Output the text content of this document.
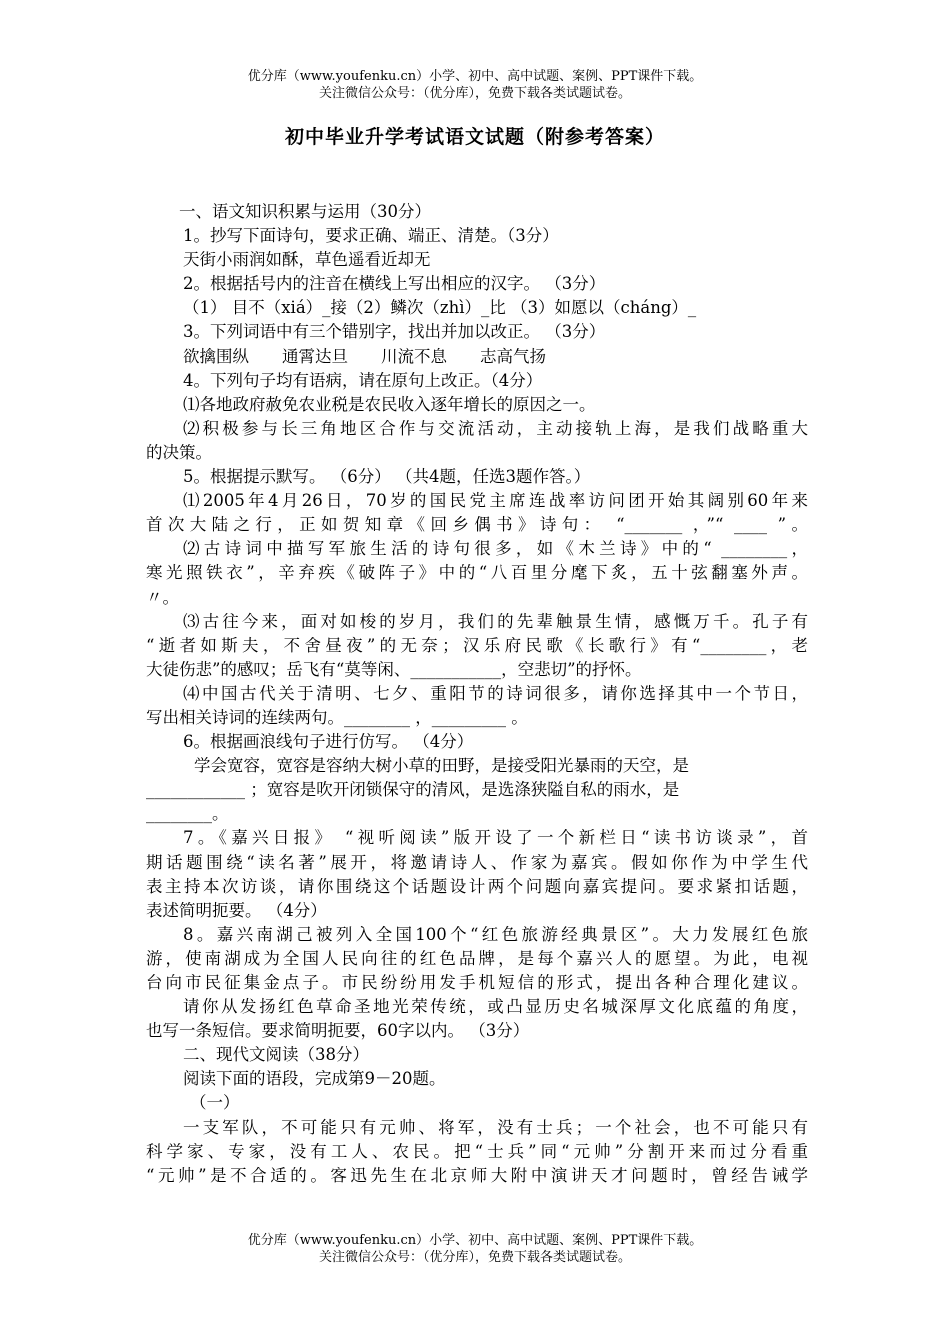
优分库（www.youfenku.cn）小学、初中、高中试题、案例、PPT课件下载。
关注微信公众号：（优分库），免费下载各类试题试卷。
初中毕业升学考试语文试题（附参考答案）
一、语文知识积累与运用（30分）
1。抄写下面诗句，要求正确、端正、清楚。（3分）
天街小雨润如酥，草色遥看近却无
2。根据括号内的注音在横线上写出相应的汉字。 （3分）
（1） 目不（xiá）_接（2）鳞次（zhì）_比 （3）如愿以（cháng）_
3。下列词语中有三个错别字，找出并加以改正。 （3分）
欲擒围纵　　通霄达旦　　川流不息　　志高气扬
4。下列句子均有语病，请在原句上改正。（4分）
⑴各地政府赦免农业税是农民收入逐年增长的原因之一。
⑵积极参与长三角地区合作与交流活动，主动接轨上海，是我们战略重大
的决策。
5。根据提示默写。 （6分） （共4题，任选3题作答。）
⑴2005年4月26日，70岁的国民党主席连战率访问团开始其阔别60年来
首次大陆之行，正如贺知章《回乡偶书》诗句： “_______ ，”“ ____ ”。
⑵古诗词中描写军旅生活的诗句很多，如《木兰诗》中的“ ________，
寒光照铁衣”，辛弃疾《破阵子》中的“八百里分麾下炙，五十弦翻塞外声。
〃。
⑶古往今来，面对如梭的岁月，我们的先辈触景生情，感慨万千。孔子有
“逝者如斯夫，不舍昼夜”的无奈；汉乐府民歌《长歌行》有“________，老
大徒伤悲”的感叹；岳飞有“莫等闲、___________，空悲切”的抒怀。
⑷中国古代关于清明、七夕、重阳节的诗词很多，请你选择其中一个节日，
写出相关诗词的连续两句。________ ，_________ 。
6。根据画浪线句子进行仿写。 （4分）
学会宽容，宽容是容纳大树小草的田野，是接受阳光暴雨的天空，是
____________ ；宽容是吹开闭锁保守的清风，是选涤狭隘自私的雨水，是
________。
7。《嘉兴日报》 “视听阅读”版开设了一个新栏日“读书访谈录”，首
期话题围绕“读名著”展开，将邀请诗人、作家为嘉宾。假如你作为中学生代
表主持本次访谈，请你围绕这个话题设计两个问题向嘉宾提问。要求紧扣话题，
表述简明扼要。 （4分）
8。嘉兴南湖己被列入全国100个“红色旅游经典景区”。大力发展红色旅
游，使南湖成为全国人民向往的红色品牌，是每个嘉兴人的愿望。为此，电视
台向市民征集金点子。市民纷纷用发手机短信的形式，提出各种合理化建议。
请你从发扬红色草命圣地光荣传统，或凸显历史名城深厚文化底蕴的角度，
也写一条短信。要求简明扼要，60字以内。 （3分）
二、现代文阅读（38分）
阅读下面的语段，完成第9－20题。
（一）
一支军队，不可能只有元帅、将军，没有士兵；一个社会，也不可能只有
科学家、专家，没有工人、农民。把“士兵”同“元帅”分割开来而过分看重
“元帅”是不合适的。客迅先生在北京师大附中演讲天才问题时，曾经告诫学
优分库（www.youfenku.cn）小学、初中、高中试题、案例、PPT课件下载。
关注微信公众号：（优分库），免费下载各类试题试卷。
